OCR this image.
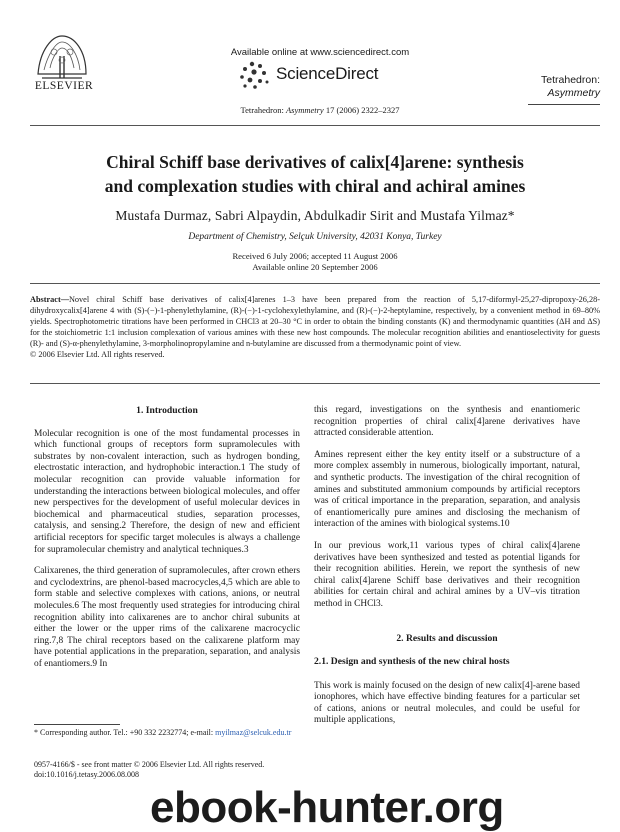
ELSEVIER
Available online at www.sciencedirect.com
ScienceDirect
Tetrahedron: Asymmetry 17 (2006) 2322–2327
Tetrahedron:
Asymmetry
Chiral Schiff base derivatives of calix[4]arene: synthesis
and complexation studies with chiral and achiral amines
Mustafa Durmaz, Sabri Alpaydin, Abdulkadir Sirit and Mustafa Yilmaz*
Department of Chemistry, Selçuk University, 42031 Konya, Turkey
Received 6 July 2006; accepted 11 August 2006
Available online 20 September 2006

Abstract—Novel chiral Schiff base derivatives of calix[4]arenes 1–3 have been prepared from the reaction of 5,17-diformyl-25,27-dipropoxy-26,28-dihydroxycalix[4]arene 4 with (S)-(−)-1-phenylethylamine, (R)-(−)-1-cyclohexylethylamine, and (R)-(−)-2-heptylamine, respectively, by a convenient method in 69–80% yields. Spectrophotometric titrations have been performed in CHCl3 at 20–30 °C in order to obtain the binding constants (K) and thermodynamic quantities (ΔH and ΔS) for the stoichiometric 1:1 inclusion complexation of various amines with these new host compounds. The molecular recognition abilities and enantioselectivity for guests (R)- and (S)-α-phenylethylamine, 3-morpholinopropylamine and n-butylamine are discussed from a thermodynamic point of view.

© 2006 Elsevier Ltd. All rights reserved.

1. Introduction

Molecular recognition is one of the most fundamental processes in which functional groups of receptors form supramolecules with substrates by non-covalent interaction, such as hydrogen bonding, electrostatic interaction, and hydrophobic interaction.1 The study of molecular recognition can provide valuable information for understanding the interactions between biological molecules, and offer new perspectives for the development of useful molecular devices in biochemical and pharmaceutical studies, separation processes, catalysis, and sensing.2 Therefore, the design of new and efficient artificial receptors for specific target molecules is always a challenge for supramolecular chemistry and analytical techniques.3

Calixarenes, the third generation of supramolecules, after crown ethers and cyclodextrins, are phenol-based macrocycles,4,5 which are able to form stable and selective complexes with cations, anions, or neutral molecules.6 The most frequently used strategies for introducing chiral recognition ability into calixarenes are to anchor chiral subunits at either the lower or the upper rims of the calixarene macrocyclic ring.7,8 The chiral receptors based on the calixarene platform may have potential applications in the preparation, separation, and analysis of enantiomers.9 In

* Corresponding author. Tel.: +90 332 2232774; e-mail: myilmaz@selcuk.edu.tr
0957-4166/$ - see front matter © 2006 Elsevier Ltd. All rights reserved.
doi:10.1016/j.tetasy.2006.08.008

this regard, investigations on the synthesis and enantiomeric recognition properties of chiral calix[4]arene derivatives have attracted considerable attention.

Amines represent either the key entity itself or a substructure of a more complex assembly in numerous, biologically important, natural, and synthetic products. The investigation of the chiral recognition of amines and substituted ammonium compounds by artificial receptors was of critical importance in the preparation, separation, and analysis of enantiomerically pure amines and disclosing the mechanism of interaction of the amines with biological systems.10

In our previous work,11 various types of chiral calix[4]arene derivatives have been synthesized and tested as potential ligands for their recognition abilities. Herein, we report the synthesis of new chiral calix[4]arene Schiff base derivatives and their recognition abilities for certain chiral and achiral amines by a UV–vis titration method in CHCl3.

2. Results and discussion
2.1. Design and synthesis of the new chiral hosts

This work is mainly focused on the design of new calix[4]-arene based ionophores, which have effective binding features for a particular set of cations, anions or neutral molecules, and could be useful for multiple applications,

ebook-hunter.org
